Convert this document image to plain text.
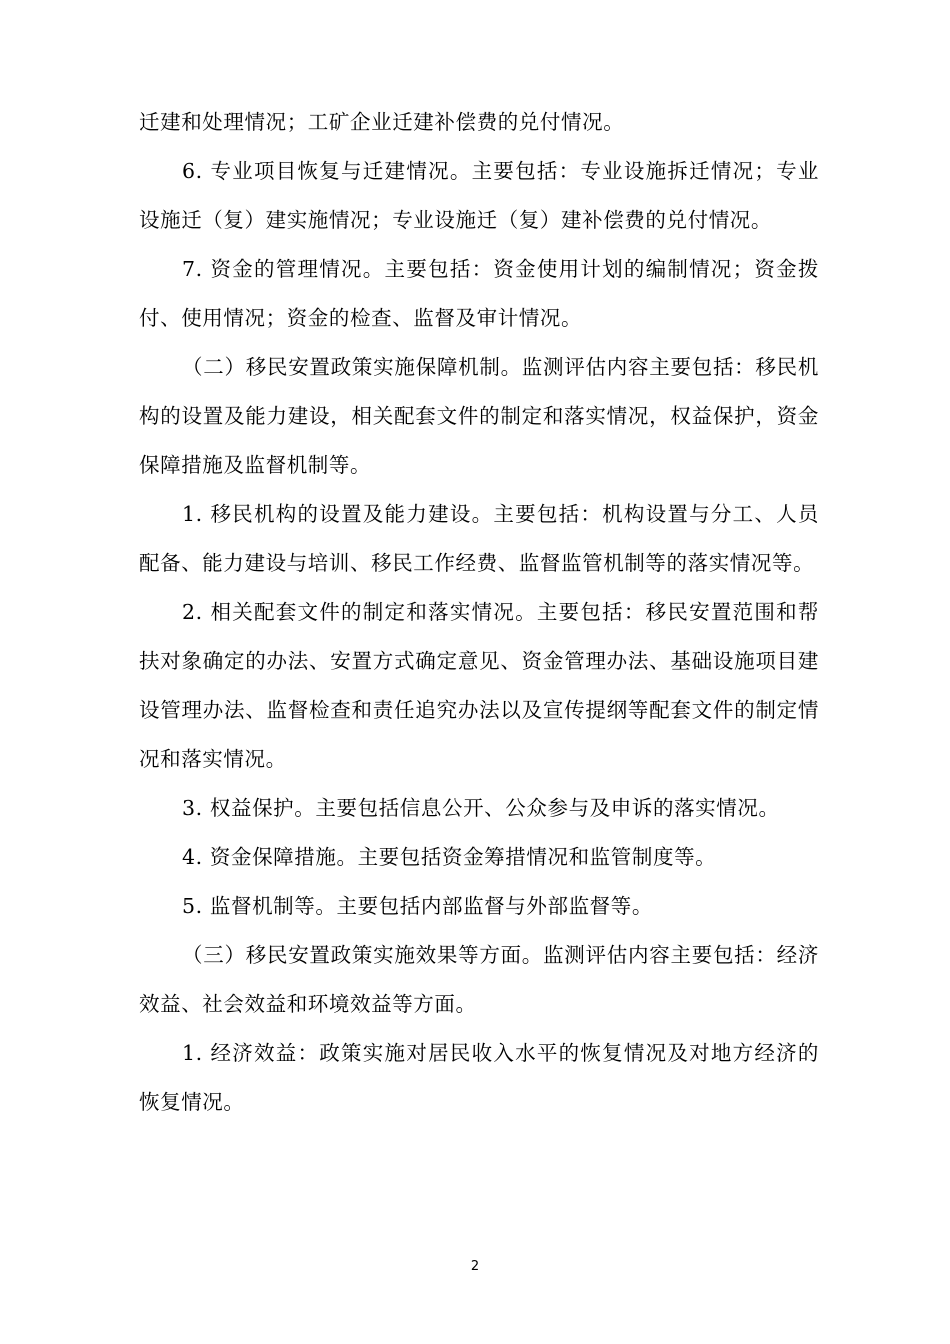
迁建和处理情况；工矿企业迁建补偿费的兑付情况。

6. 专业项目恢复与迁建情况。主要包括：专业设施拆迁情况；专业设施迁（复）建实施情况；专业设施迁（复）建补偿费的兑付情况。

7. 资金的管理情况。主要包括：资金使用计划的编制情况；资金拨付、使用情况；资金的检查、监督及审计情况。

（二）移民安置政策实施保障机制。监测评估内容主要包括：移民机构的设置及能力建设，相关配套文件的制定和落实情况，权益保护，资金保障措施及监督机制等。

1. 移民机构的设置及能力建设。主要包括：机构设置与分工、人员配备、能力建设与培训、移民工作经费、监督监管机制等的落实情况等。

2. 相关配套文件的制定和落实情况。主要包括：移民安置范围和帮扶对象确定的办法、安置方式确定意见、资金管理办法、基础设施项目建设管理办法、监督检查和责任追究办法以及宣传提纲等配套文件的制定情况和落实情况。

3. 权益保护。主要包括信息公开、公众参与及申诉的落实情况。

4. 资金保障措施。主要包括资金筹措情况和监管制度等。

5. 监督机制等。主要包括内部监督与外部监督等。

（三）移民安置政策实施效果等方面。监测评估内容主要包括：经济效益、社会效益和环境效益等方面。

1. 经济效益：政策实施对居民收入水平的恢复情况及对地方经济的恢复情况。

2
